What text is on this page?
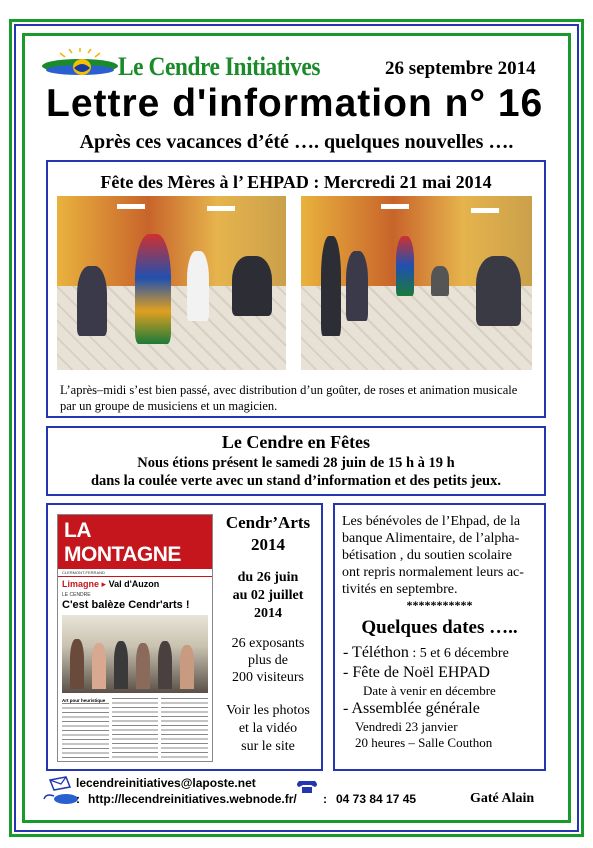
Le Cendre Initiatives	26 septembre 2014
Lettre d'information n° 16
Après ces vacances d’été …. quelques nouvelles ….
Fête des Mères à l’ EHPAD : Mercredi 21 mai 2014
L’après–midi s’est bien passé, avec distribution d’un goûter, de roses et animation musicale
par un groupe de musiciens et un magicien.
Le Cendre en Fêtes
Nous étions présent le samedi 28 juin de 15 h à 19 h
dans la coulée verte avec un stand d’information et des petits jeux.
LA MONTAGNE
CLERMONT-FERRAND
Limagne ▸ Val d'Auzon
LE CENDRE
C'est balèze Cendr'arts !
Art pour heuristique
Cendr’Arts
2014
du 26 juin
au 02 juillet
2014
26 exposants
plus de
200 visiteurs
Voir les photos
et la vidéo
sur le site
Les bénévoles de l’Ehpad, de la
banque Alimentaire, de l’alpha-
bétisation , du soutien scolaire
ont repris normalement leurs ac-
tivités en septembre.
***********
Quelques dates …..
- Téléthon : 5 et 6 décembre
- Fête de Noël EHPAD
Date à venir en décembre
- Assemblée générale
Vendredi 23 janvier
20 heures – Salle Couthon
lecendreinitiatives@laposte.net
: http://lecendreinitiatives.webnode.fr/ : 04 73 84 17 45	Gaté Alain
